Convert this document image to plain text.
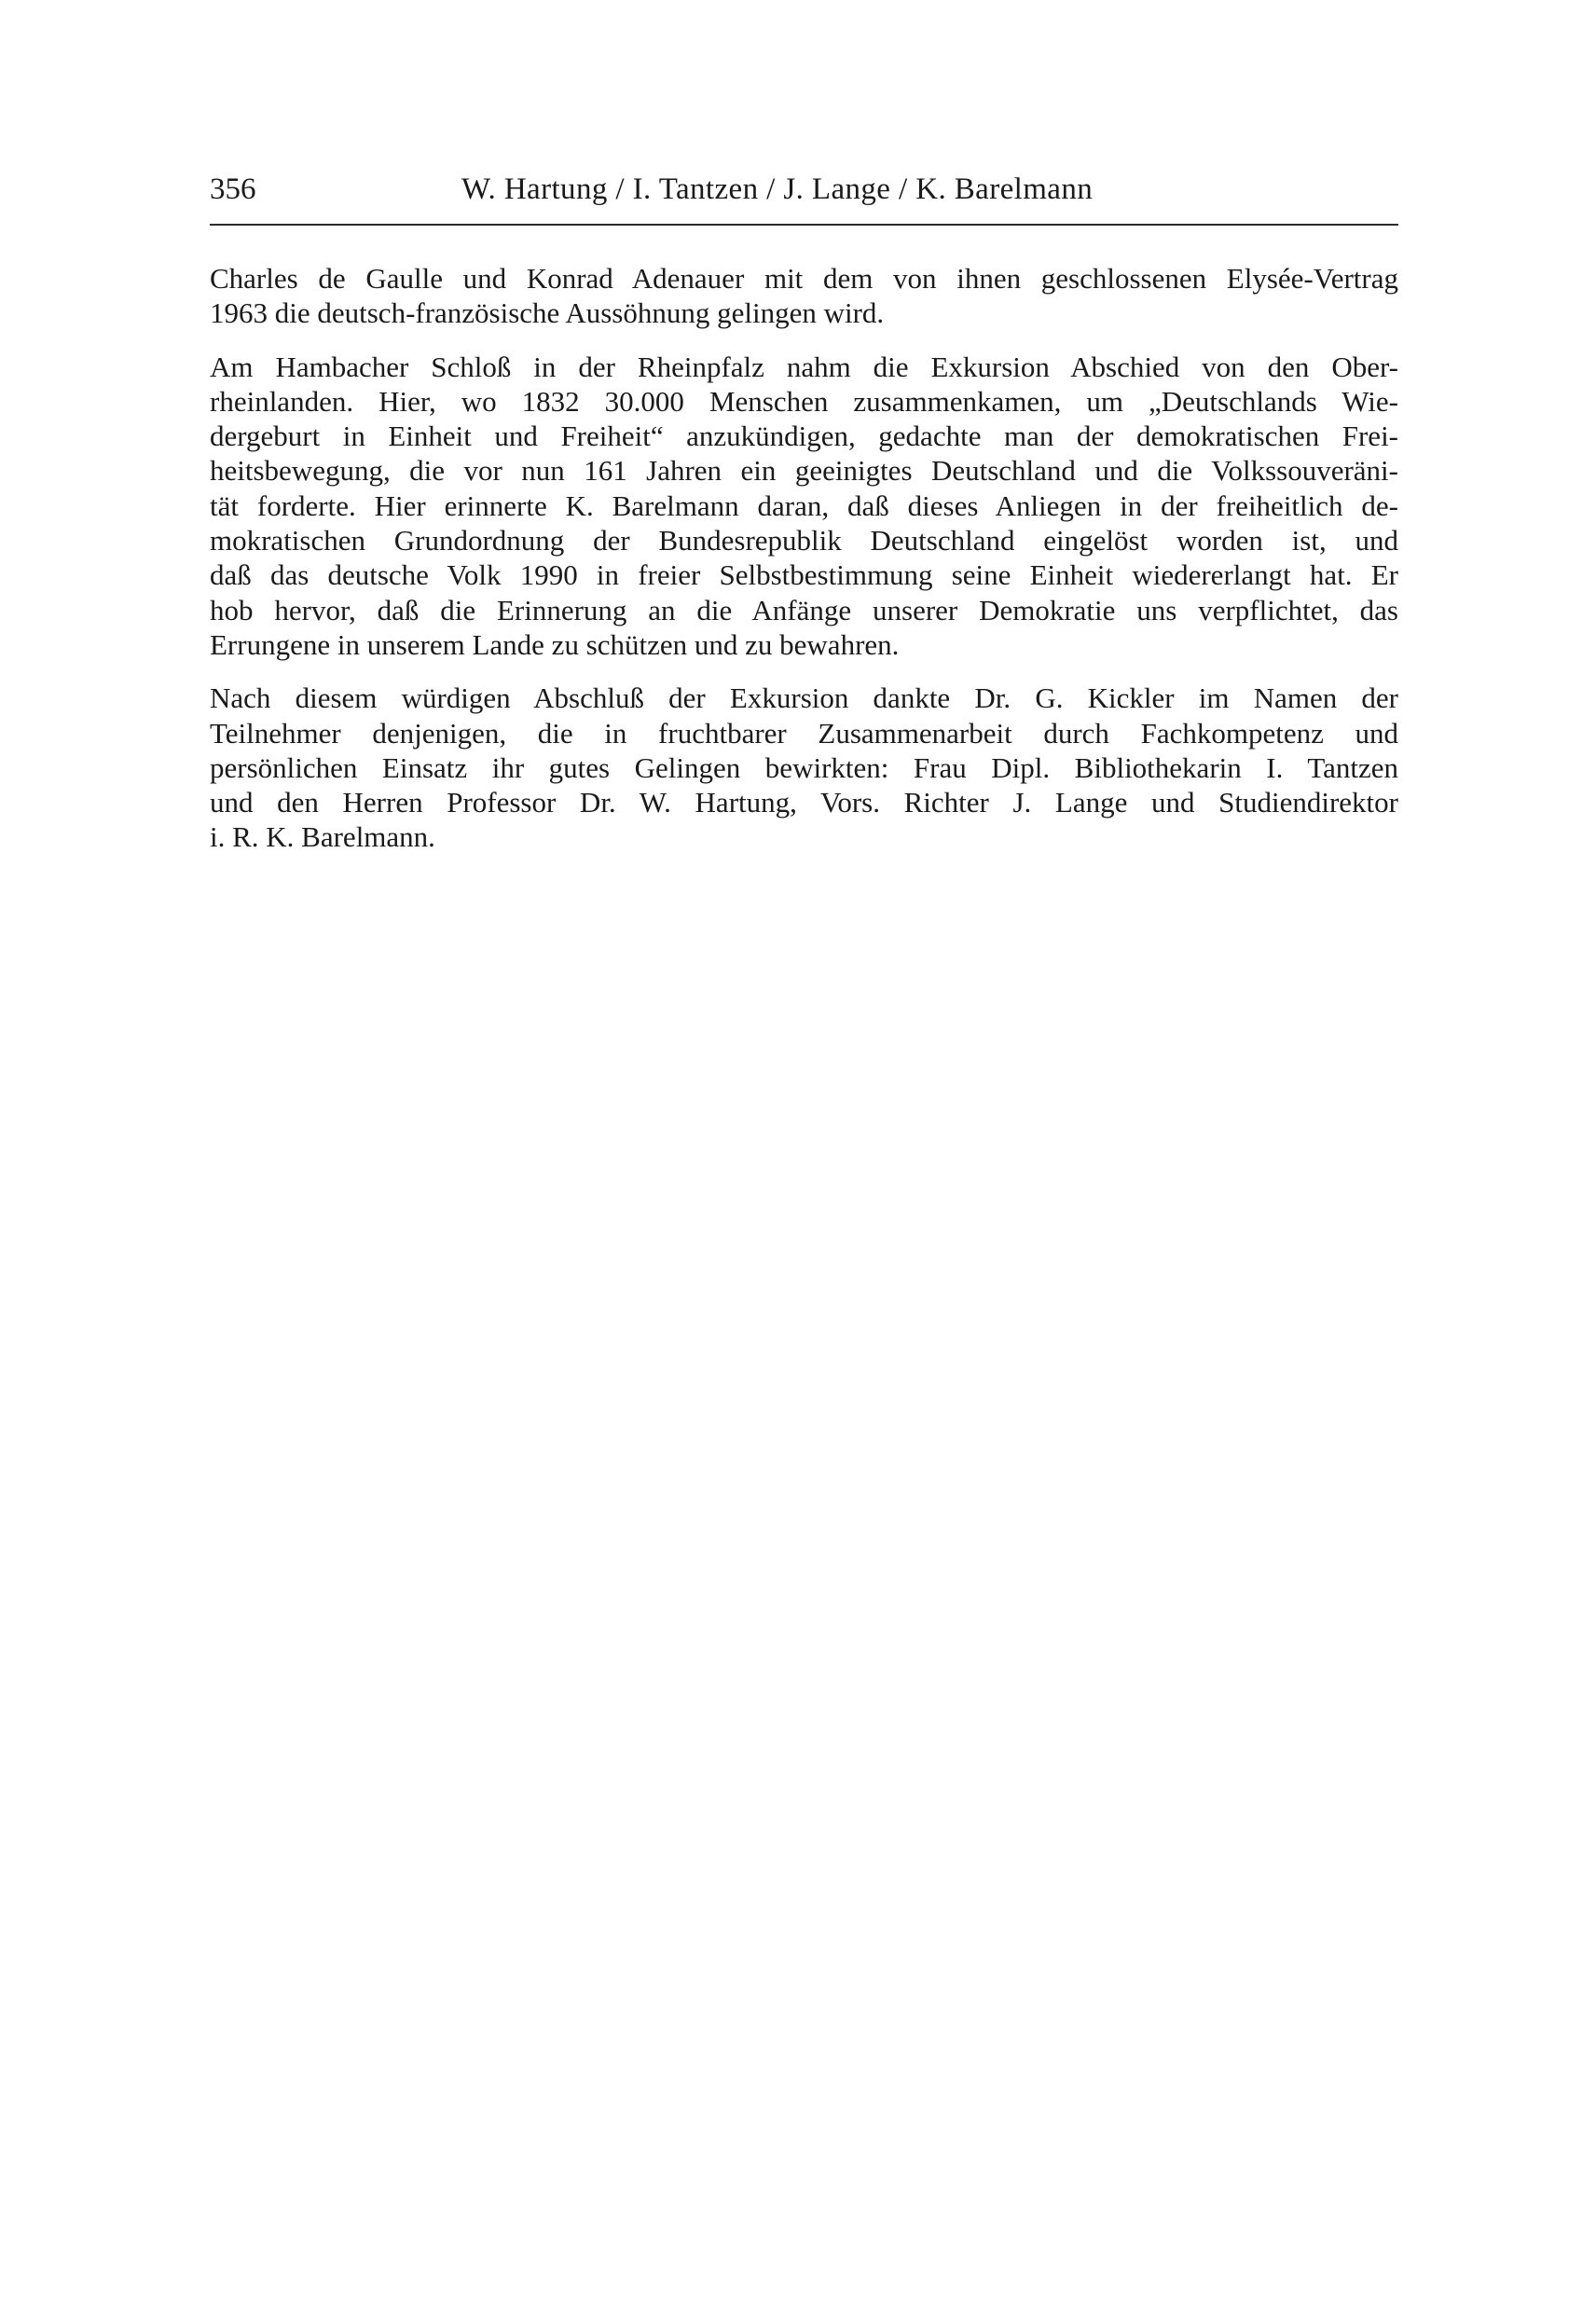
356	W. Hartung / I. Tantzen / J. Lange / K. Barelmann

Charles de Gaulle und Konrad Adenauer mit dem von ihnen geschlossenen Elysée-Vertrag
1963 die deutsch-französische Aussöhnung gelingen wird.

Am Hambacher Schloß in der Rheinpfalz nahm die Exkursion Abschied von den Ober-
rheinlanden. Hier, wo 1832 30.000 Menschen zusammenkamen, um „Deutschlands Wie-
dergeburt in Einheit und Freiheit“ anzukündigen, gedachte man der demokratischen Frei-
heitsbewegung, die vor nun 161 Jahren ein geeinigtes Deutschland und die Volkssouveräni-
tät forderte. Hier erinnerte K. Barelmann daran, daß dieses Anliegen in der freiheitlich de-
mokratischen Grundordnung der Bundesrepublik Deutschland eingelöst worden ist, und
daß das deutsche Volk 1990 in freier Selbstbestimmung seine Einheit wiedererlangt hat. Er
hob hervor, daß die Erinnerung an die Anfänge unserer Demokratie uns verpflichtet, das
Errungene in unserem Lande zu schützen und zu bewahren.

Nach diesem würdigen Abschluß der Exkursion dankte Dr. G. Kickler im Namen der
Teilnehmer denjenigen, die in fruchtbarer Zusammenarbeit durch Fachkompetenz und
persönlichen Einsatz ihr gutes Gelingen bewirkten: Frau Dipl. Bibliothekarin I. Tantzen
und den Herren Professor Dr. W. Hartung, Vors. Richter J. Lange und Studiendirektor
i. R. K. Barelmann.
